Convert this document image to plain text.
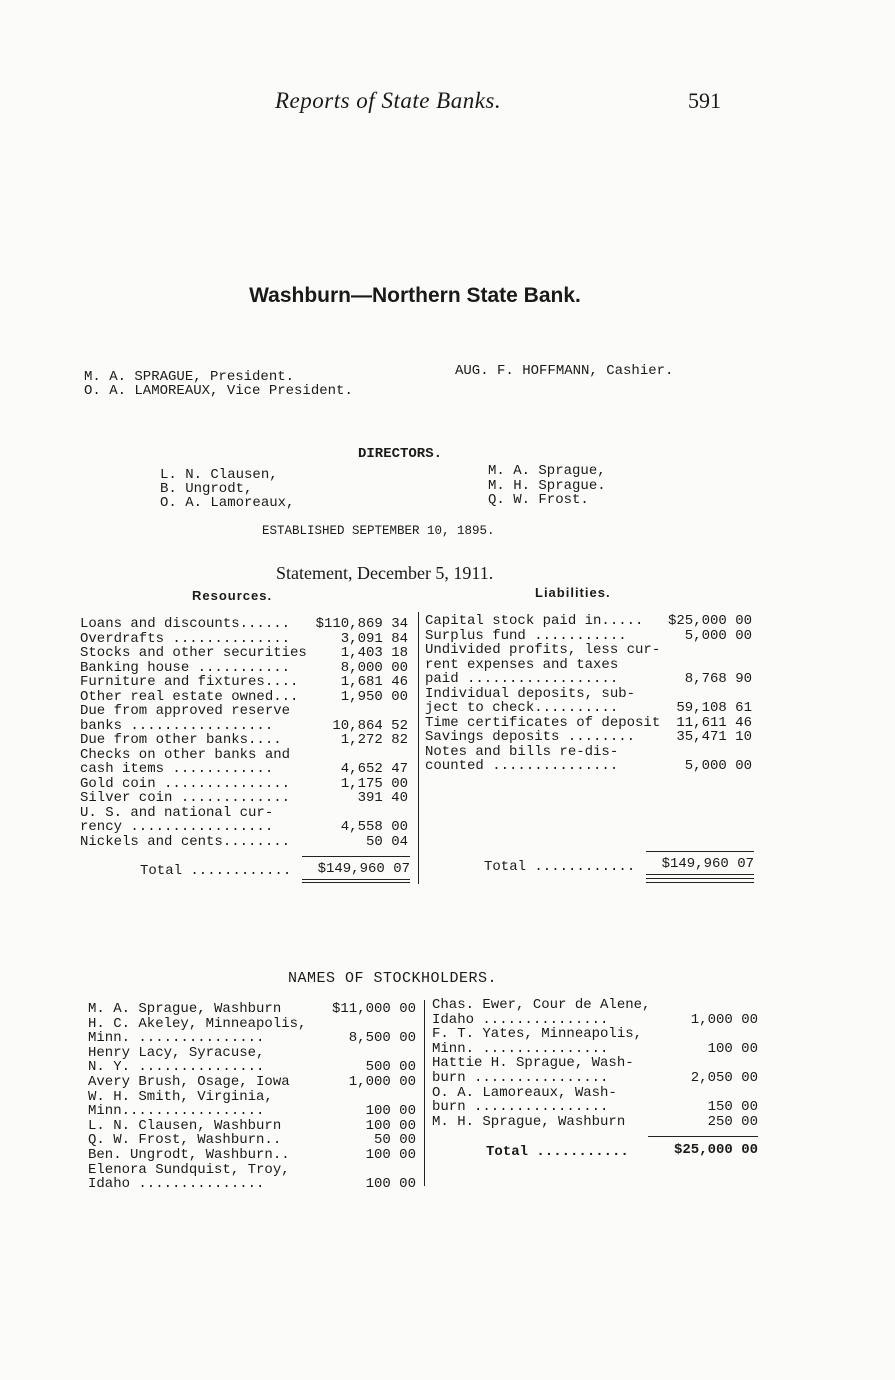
Reports of State Banks.	591
Washburn—Northern State Bank.
M. A. SPRAGUE, President.
O. A. LAMOREAUX, Vice President.
AUG. F. HOFFMANN, Cashier.
DIRECTORS.
L. N. Clausen,
B. Ungrodt,
O. A. Lamoreaux,
M. A. Sprague,
M. H. Sprague.
Q. W. Frost.
ESTABLISHED SEPTEMBER 10, 1895.
Statement, December 5, 1911.
Resources.	Liabilities.
Loans and discounts......	$110,869 34
Overdrafts ..............	3,091 84
Stocks and other securities	1,403 18
Banking house ...........	8,000 00
Furniture and fixtures....	1,681 46
Other real estate owned...	1,950 00
Due from approved reserve
banks .................	10,864 52
Due from other banks....	1,272 82
Checks on other banks and
cash items ............	4,652 47
Gold coin ...............	1,175 00
Silver coin .............	391 40
U. S. and national cur-
rency .................	4,558 00
Nickels and cents........	50 04
Capital stock paid in.....	$25,000 00
Surplus fund ...........	5,000 00
Undivided profits, less cur-
rent expenses and taxes
paid ..................	8,768 90
Individual deposits, sub-
ject to check..........	59,108 61
Time certificates of deposit	11,611 46
Savings deposits ........	35,471 10
Notes and bills re-dis-
counted ...............	5,000 00
Total ............	$149,960 07	Total ............	$149,960 07
NAMES OF STOCKHOLDERS.
M. A. Sprague, Washburn	$11,000 00
H. C. Akeley, Minneapolis,
Minn. ...............	8,500 00
Henry Lacy, Syracuse,
N. Y. ...............	500 00
Avery Brush, Osage, Iowa	1,000 00
W. H. Smith, Virginia,
Minn.................	100 00
L. N. Clausen, Washburn	100 00
Q. W. Frost, Washburn..	50 00
Ben. Ungrodt, Washburn..	100 00
Elenora Sundquist, Troy,
Idaho ...............	100 00
Chas. Ewer, Cour de Alene,
Idaho ...............	1,000 00
F. T. Yates, Minneapolis,
Minn. ...............	100 00
Hattie H. Sprague, Wash-
burn ................	2,050 00
O. A. Lamoreaux, Wash-
burn ................	150 00
M. H. Sprague, Washburn	250 00
Total ...........	$25,000 00
